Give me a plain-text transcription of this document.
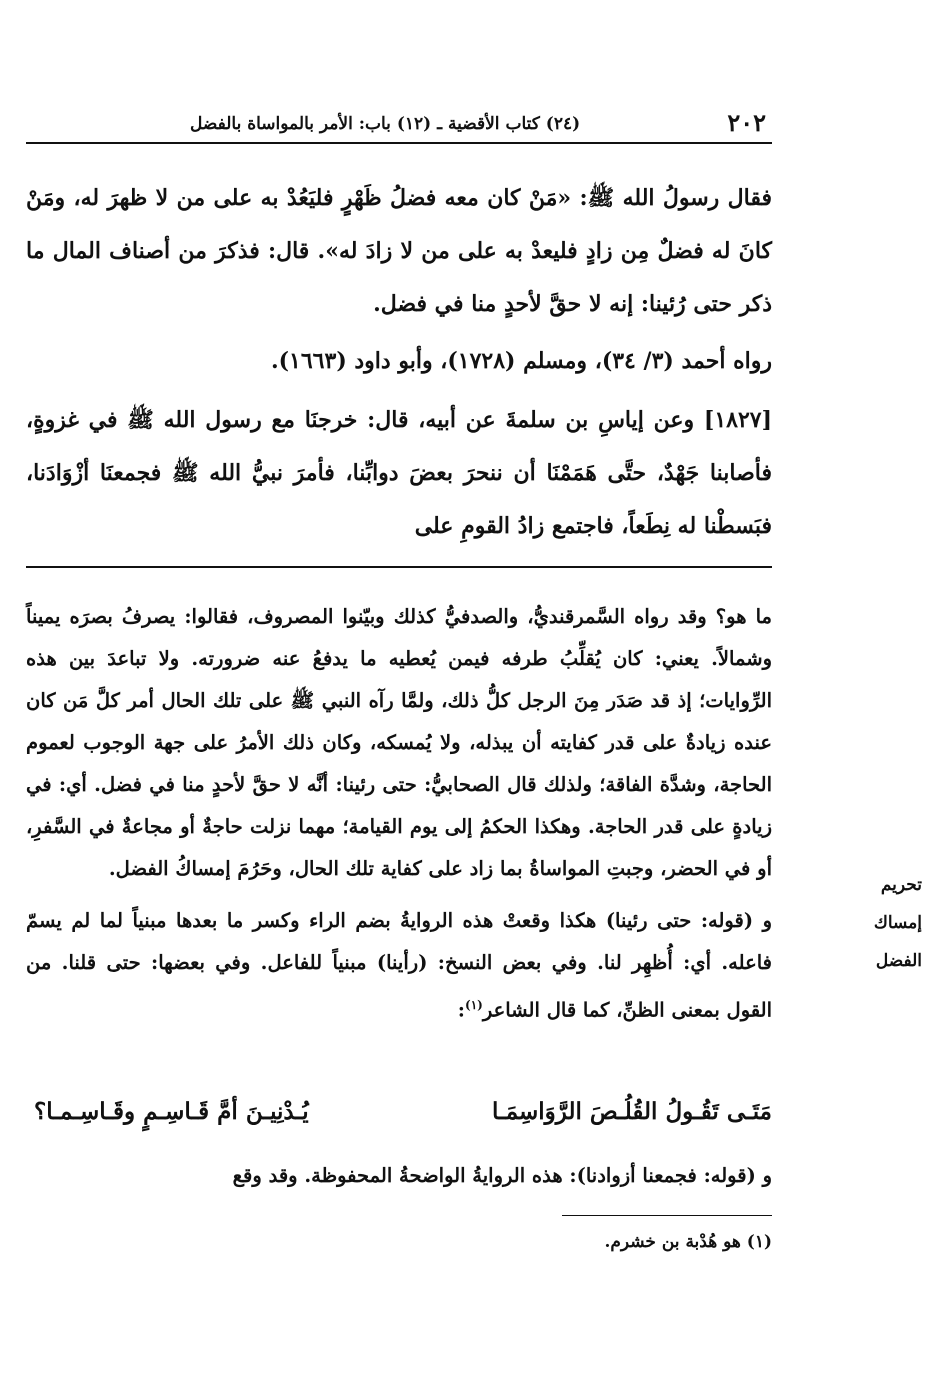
٢٠٢
(٢٤) كتاب الأقضية ـ (١٢) باب: الأمر بالمواساة بالفضل

فقال رسولُ الله ﷺ: «مَنْ كان معه فضلُ ظَهْرٍ فليَعُدْ به على من لا ظهرَ له، ومَنْ كانَ له فضلٌ مِن زادٍ فليعدْ به على من لا زادَ له». قال: فذكرَ من أصناف المال ما ذكر حتى رُئينا: إنه لا حقَّ لأحدٍ منا في فضل.

رواه أحمد (٣/ ٣٤)، ومسلم (١٧٢٨)، وأبو داود (١٦٦٣).

[١٨٢٧] وعن إياسِ بن سلمةَ عن أبيه، قال: خرجنَا مع رسول الله ﷺ في غزوةٍ، فأصابنا جَهْدٌ، حتَّى هَمَمْنَا أن ننحرَ بعضَ دوابِّنا، فأمرَ نبيُّ الله ﷺ فجمعنَا أزْوَادَنا، فبَسطْنا له نِطَعاً، فاجتمع زادُ القومِ على

ما هو؟ وقد رواه السَّمرقنديُّ، والصدفيُّ كذلك وبيّنوا المصروف، فقالوا: يصرفُ بصرَه يميناً وشمالاً. يعني: كان يُقلِّبُ طرفه فيمن يُعطيه ما يدفعُ عنه ضرورته. ولا تباعدَ بين هذه الرِّوايات؛ إذ قد صَدَر مِنَ الرجل كلُّ ذلك، ولمَّا رآه النبي ﷺ على تلك الحال أمر كلَّ مَن كان عنده زيادةٌ على قدر كفايته أن يبذله، ولا يُمسكه، وكان ذلك الأمرُ على جهة الوجوب لعموم الحاجة، وشدَّة الفاقة؛ ولذلك قال الصحابيُّ: حتى رئينا: أنَّه لا حقَّ لأحدٍ منا في فضل. أي: في زيادةٍ على قدر الحاجة. وهكذا الحكمُ إلى يوم القيامة؛ مهما نزلت حاجةٌ أو مجاعةٌ في السَّفرِ، أو في الحضر، وجبتِ المواساةُ بما زاد على كفاية تلك الحال، وحَرُمَ إمساكُ الفضل.

و (قوله: حتى رئينا) هكذا وقعتْ هذه الروايةُ بضم الراء وكسر ما بعدها مبنياً لما لم يسمّ فاعله. أي: أُظهِر لنا. وفي بعض النسخ: (رأينا) مبنياً للفاعل. وفي بعضها: حتى قلنا. من القول بمعنى الظنِّ، كما قال الشاعر$^{(١)}$:

مَتَـى تَقُـولُ القُلُـصَ الرَّوَاسِمَـا
يُـدْنِيـنَ أمَّ قَـاسِـمٍ وقَـاسِـمـا؟

و (قوله: فجمعنا أزوادنا): هذه الروايةُ الواضحةُ المحفوظة. وقد وقع

تحريم إمساك
الفضل
(١) هو هُدْبة بن خشرم.
